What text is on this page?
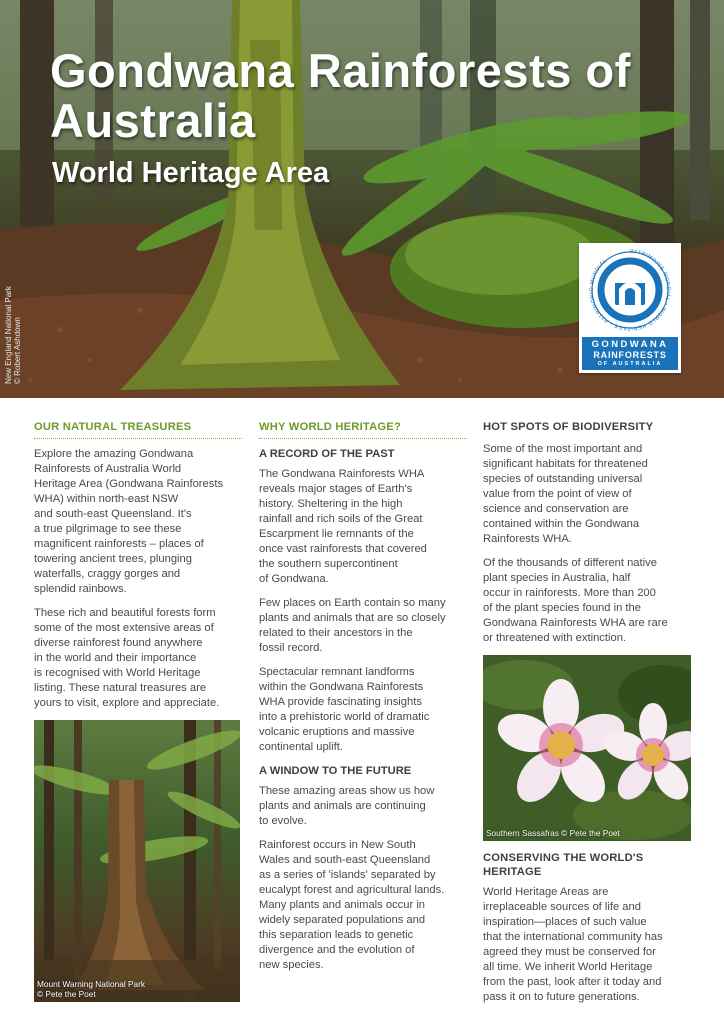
Gondwana Rainforests of Australia
World Heritage Area
New England National Park © Robert Ashdown
PATRIMOINE MONDIAL • WORLD HERITAGE • PATRIMONIO MUNDIAL
GONDWANA
RAINFORESTS
OF AUSTRALIA
OUR NATURAL TREASURES

Explore the amazing Gondwana
Rainforests of Australia World
Heritage Area (Gondwana Rainforests
WHA) within north-east NSW
and south-east Queensland. It's
a true pilgrimage to see these
magnificent rainforests – places of
towering ancient trees, plunging
waterfalls, craggy gorges and
splendid rainbows.

These rich and beautiful forests form
some of the most extensive areas of
diverse rainforest found anywhere
in the world and their importance
is recognised with World Heritage
listing. These natural treasures are
yours to visit, explore and appreciate.

Mount Warning National Park
© Pete the Poet
WHY WORLD HERITAGE?
A RECORD OF THE PAST

The Gondwana Rainforests WHA
reveals major stages of Earth's
history. Sheltering in the high
rainfall and rich soils of the Great
Escarpment lie remnants of the
once vast rainforests that covered
the southern supercontinent
of Gondwana.

Few places on Earth contain so many
plants and animals that are so closely
related to their ancestors in the
fossil record.

Spectacular remnant landforms
within the Gondwana Rainforests
WHA provide fascinating insights
into a prehistoric world of dramatic
volcanic eruptions and massive
continental uplift.

A WINDOW TO THE FUTURE

These amazing areas show us how
plants and animals are continuing
to evolve.

Rainforest occurs in New South
Wales and south-east Queensland
as a series of 'islands' separated by
eucalypt forest and agricultural lands.
Many plants and animals occur in
widely separated populations and
this separation leads to genetic
divergence and the evolution of
new species.

HOT SPOTS OF BIODIVERSITY

Some of the most important and
significant habitats for threatened
species of outstanding universal
value from the point of view of
science and conservation are
contained within the Gondwana
Rainforests WHA.

Of the thousands of different native
plant species in Australia, half
occur in rainforests. More than 200
of the plant species found in the
Gondwana Rainforests WHA are rare
or threatened with extinction.

Southern Sassafras © Pete the Poet
CONSERVING THE WORLD'S
HERITAGE

World Heritage Areas are
irreplaceable sources of life and
inspiration—places of such value
that the international community has
agreed they must be conserved for
all time. We inherit World Heritage
from the past, look after it today and
pass it on to future generations.
